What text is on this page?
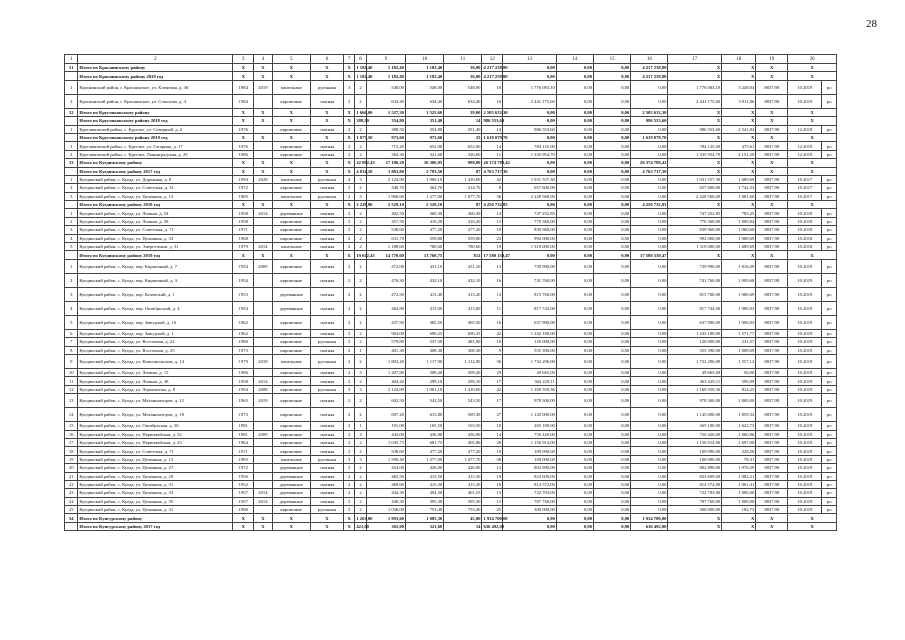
28
1	2	3	4	5	6	7	8	9	10	11	12	13	14	15	16	17	18	19	20	
31	Итого по Краснинскому району	X	X	X	X	X	1 182,40	1 182,40	1 182,40	36,00	4 217 258,80	0,00	0,00	0,00	4 217 258,80	X	X	X	X	
	Итого по Краснинскому району 2019 год	X	X	X	X	X	1 182,40	1 182,40	1 182,40	36,00	4 217 258,80	0,00	0,00	0,00	4 217 258,80	X	X	X	X	
1	Краснинский район, г. Краснинское, ул. Кленовая, д. 36	1984	2019	панельные	рулонная	3	2	548,00	548,00	548,00	10	1 776 083,10	0,00	0,00	0,00	1 776 083,10	3 248,04	8837,98	10.2019	ро
2	Краснинский район, г. Краснинское, ул. Соколова, д. 4	1984		кирпичные	скатная	2	2	634,40	634,40	634,40	16	2 441 175,60	0,00	0,00	0,00	2 441 175,60	3 911,86	8837,98	10.2019	ро
32	Итого по Кругликовскому району	X	X	X	X	X	1 666,00	1 527,30	1 525,60	39,00	2 505 633,30	0,00	0,00	0,00	2 505 633,30	X	X	X	X	
	Итого по Кругликовскому району 2018 год	X	X	X	X	X	388,50	354,80	351,40	14	986 553,60	0,00	0,00	0,00	986 553,60	X	X	X	X	
1	Кругликовский район, с. Круглое, ул. Северный, д. 2	1976		кирпичные	скатная	2	2	388,50	354,80	351,40	14	986 553,60	0,00	0,00	0,00	986 553,60	2 541,84	8837,98	12.2018	ро
	Итого по Кругликовскому району 2019 год	X	X	X	X	X	1 077,50	973,60	973,60	25	1 619 079,70	0,00	0,00	0,00	1 619 079,70	X	X	X	X	
1	Кругликовский район, с. Круглое, ул. Гагарина, д. 17	1976		кирпичные	скатная	2	2	715,20	652,00	652,00	14	784 125,00	0,00	0,00	0,00	784 125,00	475,61	8837,98	12.2019	ро
2	Кругликовский район, с. Круглое, Ленинградская, д. 29	1986		кирпичные	скатная	2	2	364,30	321,60	326,60	11	1 335 954,70	0,00	0,00	0,00	1 335 954,70	4 151,29	8837,98	12.2019	ро
33	Итого по Куединскому району	X	X	X	X	X	22 092,43	17 186,28	16 306,95	989,00	26 374 789,42	0,00	0,00	0,00	26 374 789,42	X	X	X	X	
	Итого по Куединскому району 2017 год	X	X	X	X	X	4 834,10	3 863,80	2 783,50	87	4 763 717,30	0,00	0,00	0,00	4 763 717,30	X	X	X	X	
1	Куединский район, с. Куеда, ул. Дорожная, д. 8	1994	2028	панельные	рулонная	4	3	2 124,90	1 900,10	1 410,00	42	1 931 557,30	0,00	0,00	0,00	1 931 557,30	1 689,69	8837,98	10.2017	ро
2	Куединский район, с. Куеда, ул. Советская, д. 31	1972		кирпичные	скатная	2	2	340,70	362,70	314,70	8	657 600,00	0,00	0,00	0,00	657 600,00	1 742,33	8837,98	10.2017	ро
3	Куединский район, с. Куеда, ул. Целинная, д. 13	1985		панельные	рулонная	3	3	1 960,60	1 277,00	1 077,70	36	2 228 560,00	0,00	0,00	0,00	2 228 560,00	1 881,60	8837,98	10.2017	ро
	Итого по Куединскому району 2018 год	X	X	X	X	X	2 228,90	2 529,10	2 529,10	87	4 250 732,85	0,00	0,00	0,00	4 250 732,85	X	X	X	X	
1	Куединский район, с. Куеда, ул. Ленина, д. 54	1958	2014	деревянные	скатная	2	2	402,50	360,30	360,30	14	747 252,85	0,00	0,00	0,00	747 252,85	783,25	8837,98	10.2018	ро
2	Куединский район, с. Куеда, ул. Ленина, д. 58	1958		кирпичные	скатная	2	2	457,50	410,20	410,20	13	770 360,00	0,00	0,00	0,00	770 360,00	1 809,84	8837,98	10.2018	ро
3	Куединский район, с. Куеда, ул. Советская, д. 71	1971		кирпичные	скатная	2	2	538,60	477,20	477,20	19	839 960,00	0,00	0,00	0,00	839 960,00	1 960,60	8837,98	10.2018	ро
4	Куединский район, с. Куеда, ул. Целинная, д. 33	1968		кирпичные	скатная	2	2	631,70	559,80	559,80	23	992 000,00	0,00	0,00	0,00	992 000,00	1 980,69	8837,98	10.2018	ро
5	Куединский район, с. Куеда, ул. Энергетиков, д. 31	1979	2014	панельные	скатная	2	2	1 188,60	780,60	780,60	19	1 319 000,00	0,00	0,00	0,00	1 319 000,00	1 689,69	8837,98	10.2018	ро
	Итого по Куединскому району 2019 год	X	X	X	X	X	19 022,43	14 770,60	13 760,75	812	17 580 339,47	0,00	0,00	0,00	17 580 339,47	X	X	X	X	
1	Куединский район, с. Куеда, пер. Кирпичный, д. 7	1954	2009	кирпичные	скатная	2	2	472,00	431,10	431,10	13	739 990,00	0,00	0,00	0,00	739 990,00	1 816,09	8837,98	10.2019	ро
2	Куединский район, с. Куеда, пер. Кирпичный, д. 3	1954		кирпичные	скатная	2	2	476,30	432,10	432,10	16	741 760,00	0,00	0,00	0,00	741 760,00	1 909,68	8837,98	10.2019	ро
3	Куединский район, с. Куеда, пер. Кочевский, д. 1	1953		деревянные	скатная	2	2	472,50	413,40	413,20	14	815 760,00	0,00	0,00	0,00	815 760,00	1 980,69	8837,98	10.2019	ро
4	Куединский район, с. Куеда, пер. Октябрьский, д. 4	1954		деревянные	скатная	2	2	464,80	413,00	413,00	11	817 744,00	0,00	0,00	0,00	817 744,00	1 980,03	8837,98	10.2019	ро
5	Куединский район, с. Куеда, пер. Заводской, д. 16	1962		кирпичные	скатная	2	2	437,50	365,50	365,50	16	637 990,00	0,00	0,00	0,00	637 990,00	1 990,03	8837,98	10.2019	ро
6	Куединский район, с. Куеда, пер. Заводской, д. 1	1962		кирпичные	скатная	2	2	964,00	690,25	690,25	42	1 242 180,00	0,00	0,00	0,00	1 242 180,00	1 571,77	8837,98	10.2019	ро
7	Куединский район, с. Куеда, ул. Восточная, д. 22	1980		кирпичные	рулонная	2	2	579,80	537,30	481,90	18	120 000,00	0,00	0,00	0,00	120 000,00	231,57	8837,98	10.2019	ро
8	Куединский район, с. Куеда, ул. Восточная, д. 25	1973		кирпичные	скатная	2	1	401,30	308,30	308,30	9	555 390,00	0,00	0,00	0,00	555 390,00	1 808,09	8837,98	10.2019	ро
9	Куединский район, с. Куеда, ул. Комсомольская, д. 14	1979	2018	панельные	рулонная	2	2	1 802,20	1 117,90	1 112,90	36	1 732 296,00	0,00	0,00	0,00	1 732 296,00	1 557,12	8837,98	10.2019	ро
10	Куединский район, с. Куеда, ул. Ленина, д. 13	1986		кирпичные	скатная	2	3	1 207,80	509,20	509,20	29	49 665,00	0,00	0,00	0,00	49 665,00	56,00	8837,98	10.2019	ро
11	Куединский район, с. Куеда, ул. Ленина, д. 38	1958	2014	кирпичные	скатная	2	2	404,20	299,10	299,10	17	363 229,11	0,00	0,00	0,00	363 229,11	590,09	8837,98	10.2019	ро
12	Куединский район, с. Куеда, ул. Лермонтова, д. 8	1994	2008	кирпичные	рулонная	3	3	2 124,90	1 981,10	1 410,00	42	1 169 559,36	0,00	0,00	0,00	1 169 559,36	814,25	8837,98	10.2019	ро
13	Куединский район, с. Куеда, ул. Механизаторов, д. 12	1965	2019	кирпичные	скатная	2	2	602,50	543,50	543,50	17	978 300,00	0,00	0,00	0,00	978 300,00	1 800,00	8837,98	10.2019	ро
14	Куединский район, с. Куеда, ул. Механизаторов, д. 18	1973		кирпичные	скатная	2	2	697,20	615,80	569,30	27	1 145 000,00	0,00	0,00	0,00	1 145 000,00	1 859,32	8837,98	10.2019	ро
15	Куединский район, с. Куеда, ул. Октябрьская, д. 50	1981		кирпичные	скатная	2	1	191,00	165,50	163,50	10	265 100,00	0,00	0,00	0,00	265 100,00	1 622,73	8837,98	10.2019	ро
16	Куединский район, с. Куеда, ул. Первомайская, д. 52	1981	2009	кирпичные	скатная	2	3	442,00	436,90	436,90	14	750 420,00	0,00	0,00	0,00	750 420,00	1 860,86	8837,98	10.2019	ро
17	Куединский район, с. Куеда, ул. Первомайская, д. 23	1964		кирпичные	скатная	2	2	1 035,73	681,75	405,86	28	1 156 914,00	0,00	0,00	0,00	1 156 914,00	1 697,00	8837,98	10.2019	ро
18	Куединский район, с. Куеда, ул. Советская, д. 71	1971		кирпичные	скатная	2	2	538,60	477,20	477,20	19	109 090,00	0,00	0,00	0,00	109 090,00	228,56	8837,98	10.2019	ро
19	Куединский район, с. Куеда, ул. Целинная, д. 13	1985		панельные	рулонная	3	3	1 590,40	1 277,00	1 077,70	36	100 000,00	0,00	0,00	0,00	100 000,00	78,31	8837,98	10.2019	ро
20	Куединский район, с. Куеда, ул. Целинная, д. 27	1972		деревянные	скатная	2	2	454,00	426,00	426,00	12	802 890,00	0,00	0,00	0,00	802 890,00	1 976,39	8837,98	10.2019	ро
21	Куединский район, с. Куеда, ул. Целинная, д. 29	1956		деревянные	скатная	2	2	465,50	415,50	415,50	19	823 609,00	0,00	0,00	0,00	823 609,00	1 982,21	8837,98	10.2019	ро
22	Куединский район, с. Куеда, ул. Целинная, д. 31	1952		деревянные	скатная	2	2	469,60	415,30	415,30	16	814 572,00	0,00	0,00	0,00	814 572,00	1 961,41	8837,98	10.2019	ро
23	Куединский район, с. Куеда, ул. Целинная, д. 33	1957	2014	деревянные	скатная	2	2	444,30	404,30	401,55	13	722 703,00	0,00	0,00	0,00	722 703,00	1 800,00	8837,98	10.2019	ро
24	Куединский район, с. Куеда, ул. Целинная, д. 35	1957	2014	деревянные	скатная	2	2	440,30	395,30	395,30	13	787 760,00	0,00	0,00	0,00	787 760,00	1 800,00	8837,98	10.2019	ро
25	Куединский район, с. Куеда, ул. Целинная, д. 31	1986		кирпичные	рулонная	2	2	1 036,00	753,40	753,40	25	300 000,00	0,00	0,00	0,00	300 000,00	182,73	8837,98	10.2019	ро
34	Итого по Кунгурскому району	X	X	X	X	X	1 263,00	1 093,60	1 005,30	45,00	1 934 700,00	0,00	0,00	0,00	1 934 700,00	X	X	X	X	
	Итого по Кунгурскому району 2017 год	X	X	X	X	X	421,00	365,00	321,60	14	636 492,00	0,00	0,00	0,00	636 492,00	X	X	X	X	
